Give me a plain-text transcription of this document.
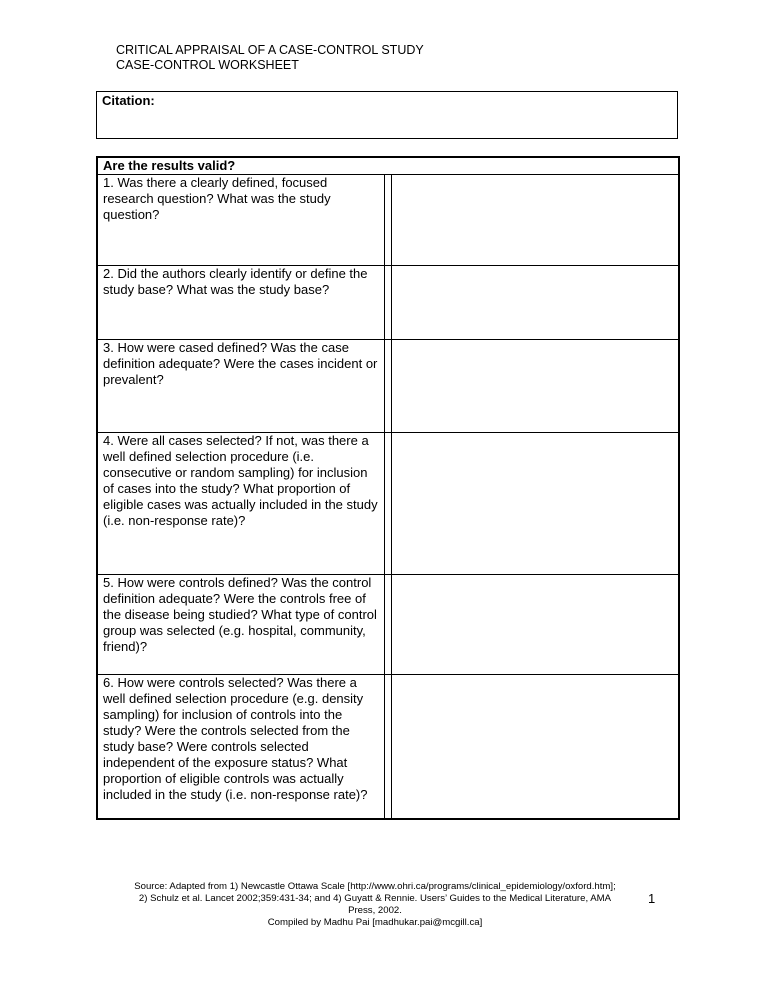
CRITICAL APPRAISAL OF A CASE-CONTROL STUDY
CASE-CONTROL WORKSHEET
Citation:
Are the results valid?
1. Was there a clearly defined, focused research question? What was the study question?
2. Did the authors clearly identify or define the study base? What was the study base?
3. How were cased defined? Was the case definition adequate? Were the cases incident or prevalent?
4. Were all cases selected? If not, was there a well defined selection procedure (i.e. consecutive or random sampling) for inclusion of cases into the study? What proportion of eligible cases was actually included in the study (i.e. non-response rate)?
5. How were controls defined? Was the control definition adequate? Were the controls free of the disease being studied? What type of control group was selected (e.g. hospital, community, friend)?
6. How were controls selected? Was there a well defined selection procedure (e.g. density sampling) for inclusion of controls into the study? Were the controls selected from the study base? Were controls selected independent of the exposure status? What proportion of eligible controls was actually included in the study (i.e. non-response rate)?
Source: Adapted from 1) Newcastle Ottawa Scale [http://www.ohri.ca/programs/clinical_epidemiology/oxford.htm];
2) Schulz et al. Lancet 2002;359:431-34; and 4) Guyatt & Rennie. Users’ Guides to the Medical Literature, AMA
Press, 2002.
Compiled by Madhu Pai [madhukar.pai@mcgill.ca]
1
